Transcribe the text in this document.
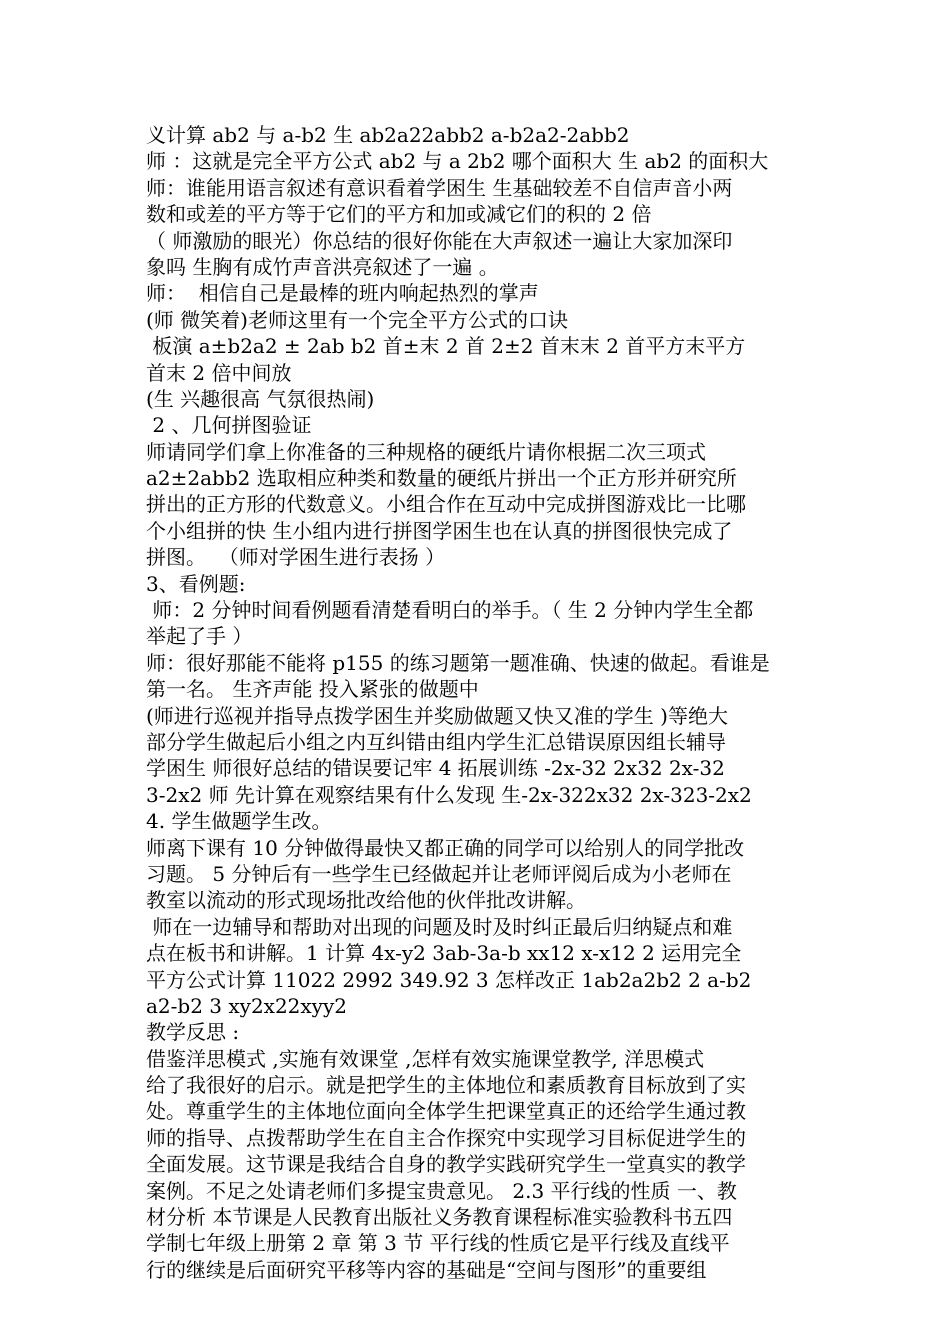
义计算 ab2 与 a-b2 生 ab2a22abb2 a-b2a2-2abb2
师 ：这就是完全平方公式 ab2 与 a 2b2 哪个面积大 生 ab2 的面积大
师：谁能用语言叙述有意识看着学困生 生基础较差不自信声音小两
数和或差的平方等于它们的平方和加或减它们的积的 2 倍
（ 师激励的眼光）你总结的很好你能在大声叙述一遍让大家加深印
象吗 生胸有成竹声音洪亮叙述了一遍 。
师：  相信自己是最棒的班内响起热烈的掌声
(师 微笑着)老师这里有一个完全平方公式的口诀
板演 a±b2a2 ± 2ab b2 首±末 2 首 2±2 首末末 2 首平方末平方
首末 2 倍中间放
(生 兴趣很高 气氛很热闹)
2 、几何拼图验证
师请同学们拿上你准备的三种规格的硬纸片请你根据二次三项式
a2±2abb2 选取相应种类和数量的硬纸片拼出一个正方形并研究所
拼出的正方形的代数意义。小组合作在互动中完成拼图游戏比一比哪
个小组拼的快 生小组内进行拼图学困生也在认真的拼图很快完成了
拼图。  （师对学困生进行表扬 ）
3、看例题:
师：2 分钟时间看例题看清楚看明白的举手。（ 生 2 分钟内学生全都
举起了手 ）
师：很好那能不能将 p155 的练习题第一题准确、快速的做起。看谁是
第一名。 生齐声能 投入紧张的做题中
(师进行巡视并指导点拨学困生并奖励做题又快又准的学生 )等绝大
部分学生做起后小组之内互纠错由组内学生汇总错误原因组长辅导
学困生 师很好总结的错误要记牢 4 拓展训练 -2x-32 2x32 2x-32
3-2x2 师 先计算在观察结果有什么发现 生-2x-322x32 2x-323-2x2
4. 学生做题学生改。
师离下课有 10 分钟做得最快又都正确的同学可以给别人的同学批改
习题。 5 分钟后有一些学生已经做起并让老师评阅后成为小老师在
教室以流动的形式现场批改给他的伙伴批改讲解。
师在一边辅导和帮助对出现的问题及时及时纠正最后归纳疑点和难
点在板书和讲解。1 计算 4x-y2 3ab-3a-b xx12 x-x12 2 运用完全
平方公式计算 11022 2992 349.92 3 怎样改正 1ab2a2b2 2 a-b2
a2-b2 3 xy2x22xyy2
教学反思 :
借鉴洋思模式 ,实施有效课堂 ,怎样有效实施课堂教学, 洋思模式
给了我很好的启示。就是把学生的主体地位和素质教育目标放到了实
处。尊重学生的主体地位面向全体学生把课堂真正的还给学生通过教
师的指导、点拨帮助学生在自主合作探究中实现学习目标促进学生的
全面发展。这节课是我结合自身的教学实践研究学生一堂真实的教学
案例。不足之处请老师们多提宝贵意见。 2.3 平行线的性质 一、教
材分析 本节课是人民教育出版社义务教育课程标准实验教科书五四
学制七年级上册第 2 章 第 3 节 平行线的性质它是平行线及直线平
行的继续是后面研究平移等内容的基础是“空间与图形”的重要组
